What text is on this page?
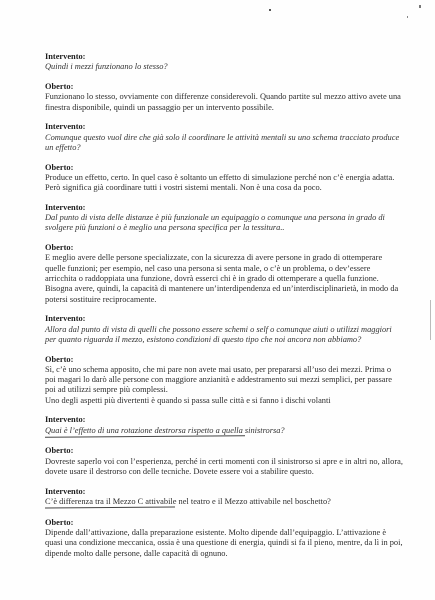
Intervento:
Quindi i mezzi funzionano lo stesso?
Oberto:
Funzionano lo stesso, ovviamente con differenze considerevoli. Quando partite sul mezzo attivo avete una finestra disponibile, quindi un passaggio per un intervento possibile.
Intervento:
Comunque questo vuol dire che già solo il coordinare le attività mentali su uno schema tracciato produce un effetto?
Oberto:
Produce un effetto, certo. In quel caso è soltanto un effetto di simulazione perché non c’è energia adatta. Però significa già coordinare tutti i vostri sistemi mentali. Non è una cosa da poco.
Intervento:
Dal punto di vista delle distanze è più funzionale un equipaggio o comunque una persona in grado di svolgere più funzioni o è meglio una persona specifica per la tessitura..
Oberto:
E meglio avere delle persone specializzate, con la sicurezza di avere persone in grado di ottemperare quelle funzioni; per esempio, nel caso una persona si senta male, o c’è un problema, o dev’essere arricchita o raddoppiata una funzione, dovrà esserci chi è in grado di ottemperare a quella funzione. Bisogna avere, quindi, la capacità di mantenere un’interdipendenza ed un’interdisciplinarietà, in modo da potersi sostituire reciprocamente.
Intervento:
Allora dal punto di vista di quelli che possono essere schemi o self o comunque aiuti o utilizzi maggiori per quanto riguarda il mezzo, esistono condizioni di questo tipo che noi ancora non abbiamo?
Oberto:
Sì, c’è uno schema apposito, che mi pare non avete mai usato, per prepararsi all’uso dei mezzi. Prima o poi magari lo darò alle persone con maggiore anzianità e addestramento sui mezzi semplici, per passare poi ad utilizzi sempre più complessi.
Uno degli aspetti più divertenti è quando si passa sulle città e si fanno i dischi volanti
Intervento:
Quai è l’effetto di una rotazione destrorsa rispetto a quella sinistrorsa?
Oberto:
Dovreste saperlo voi con l’esperienza, perché in certi momenti con il sinistrorso si apre e in altri no, allora, dovete usare il destrorso con delle tecniche. Dovete essere voi a stabilire questo.
Intervento:
C’è differenza tra il Mezzo C attivabile nel teatro e il Mezzo attivabile nel boschetto?
Oberto:
Dipende dall’attivazione, dalla preparazione esistente. Molto dipende dall’equipaggio. L’attivazione è quasi una condizione meccanica, ossia è una questione di energia, quindi si fa il pieno, mentre, da lì in poi, dipende molto dalle persone, dalle capacità di ognuno.
